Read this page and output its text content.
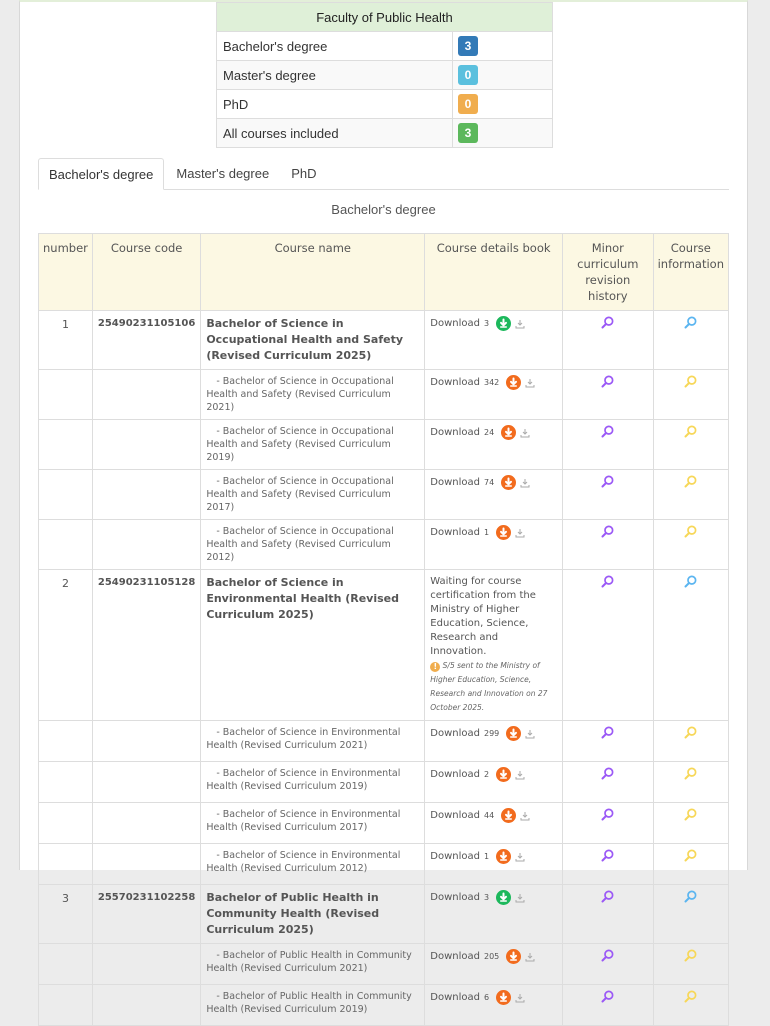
Faculty of Public Health	
Bachelor's degree	3
Master's degree	0
PhD	0
All courses included	3
Bachelor's degree	Master's degree	PhD
Bachelor's degree
number	Course code	Course name	Course details book	Minor curriculum revision history	Course information
1	25490231105106	Bachelor of Science in Occupational Health and Safety (Revised Curriculum 2025)	Download 3

		- Bachelor of Science in Occupational Health and Safety (Revised Curriculum 2021)	Download 342

		- Bachelor of Science in Occupational Health and Safety (Revised Curriculum 2019)	Download 24

		- Bachelor of Science in Occupational Health and Safety (Revised Curriculum 2017)	Download 74

		- Bachelor of Science in Occupational Health and Safety (Revised Curriculum 2012)	Download 1

2	25490231105128	Bachelor of Science in Environmental Health (Revised Curriculum 2025)	Waiting for course certification from the Ministry of Higher Education, Science, Research and Innovation.
! S/5 sent to the Ministry of Higher Education, Science, Research and Innovation on 27 October 2025.

		- Bachelor of Science in Environmental Health (Revised Curriculum 2021)	Download 299

		- Bachelor of Science in Environmental Health (Revised Curriculum 2019)	Download 2

		- Bachelor of Science in Environmental Health (Revised Curriculum 2017)	Download 44

		- Bachelor of Science in Environmental Health (Revised Curriculum 2012)	Download 1

3	25570231102258	Bachelor of Public Health in Community Health (Revised Curriculum 2025)	Download 3

		- Bachelor of Public Health in Community Health (Revised Curriculum 2021)	Download 205

		- Bachelor of Public Health in Community Health (Revised Curriculum 2019)	Download 6
